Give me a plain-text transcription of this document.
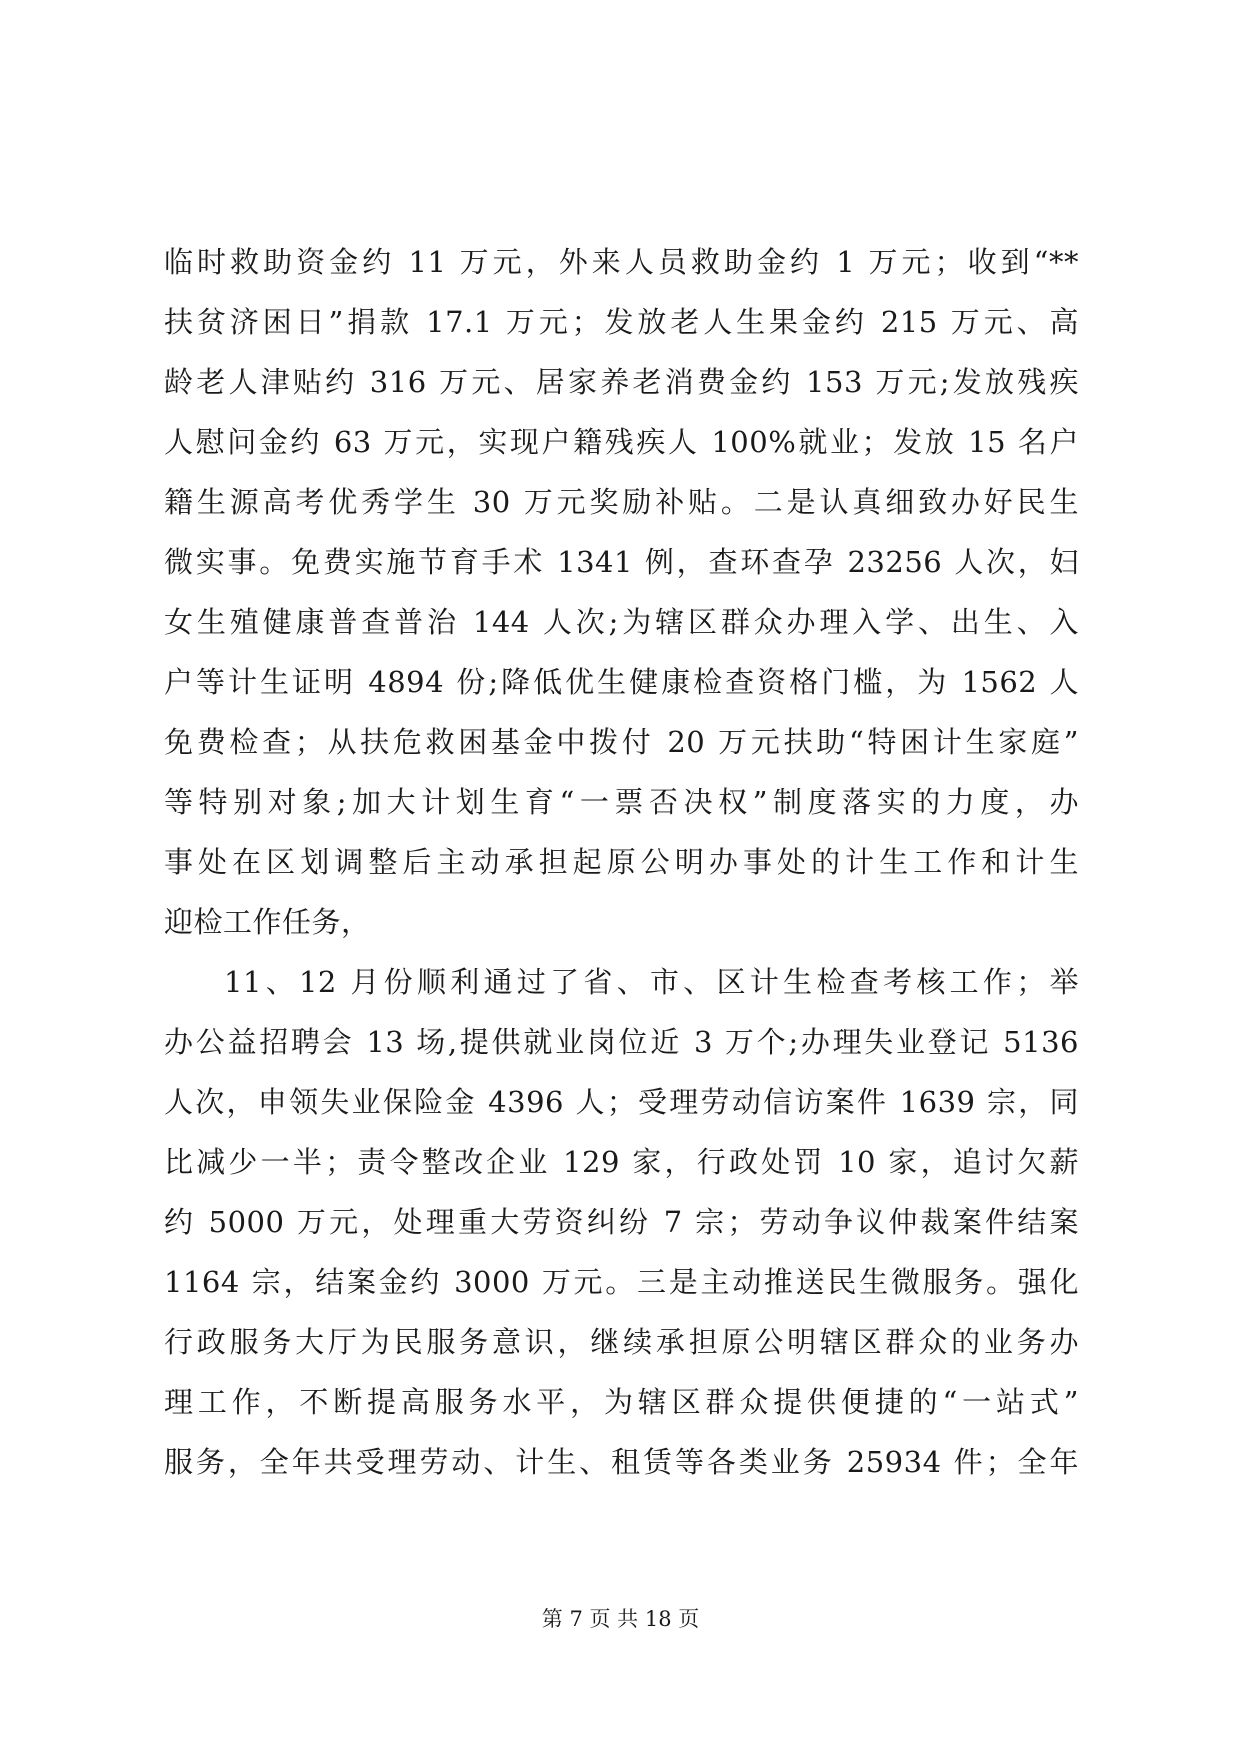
临时救助资金约 11 万元，外来人员救助金约 1 万元；收到“**
扶贫济困日”捐款 17.1 万元；发放老人生果金约 215 万元、高
龄老人津贴约 316 万元、居家养老消费金约 153 万元;发放残疾
人慰问金约 63 万元，实现户籍残疾人 100%就业；发放 15 名户
籍生源高考优秀学生 30 万元奖励补贴。二是认真细致办好民生
微实事。免费实施节育手术 1341 例，查环查孕 23256 人次，妇
女生殖健康普查普治 144 人次;为辖区群众办理入学、出生、入
户等计生证明 4894 份;降低优生健康检查资格门槛，为 1562 人
免费检查；从扶危救困基金中拨付 20 万元扶助“特困计生家庭”
等特别对象;加大计划生育“一票否决权”制度落实的力度，办
事处在区划调整后主动承担起原公明办事处的计生工作和计生
迎检工作任务，
11、12 月份顺利通过了省、市、区计生检查考核工作；举
办公益招聘会 13 场,提供就业岗位近 3 万个;办理失业登记 5136
人次，申领失业保险金 4396 人；受理劳动信访案件 1639 宗，同
比减少一半；责令整改企业 129 家，行政处罚 10 家，追讨欠薪
约 5000 万元，处理重大劳资纠纷 7 宗；劳动争议仲裁案件结案
1164 宗，结案金约 3000 万元。三是主动推送民生微服务。强化
行政服务大厅为民服务意识，继续承担原公明辖区群众的业务办
理工作，不断提高服务水平，为辖区群众提供便捷的“一站式”
服务，全年共受理劳动、计生、租赁等各类业务 25934 件；全年
第 7 页 共 18 页
